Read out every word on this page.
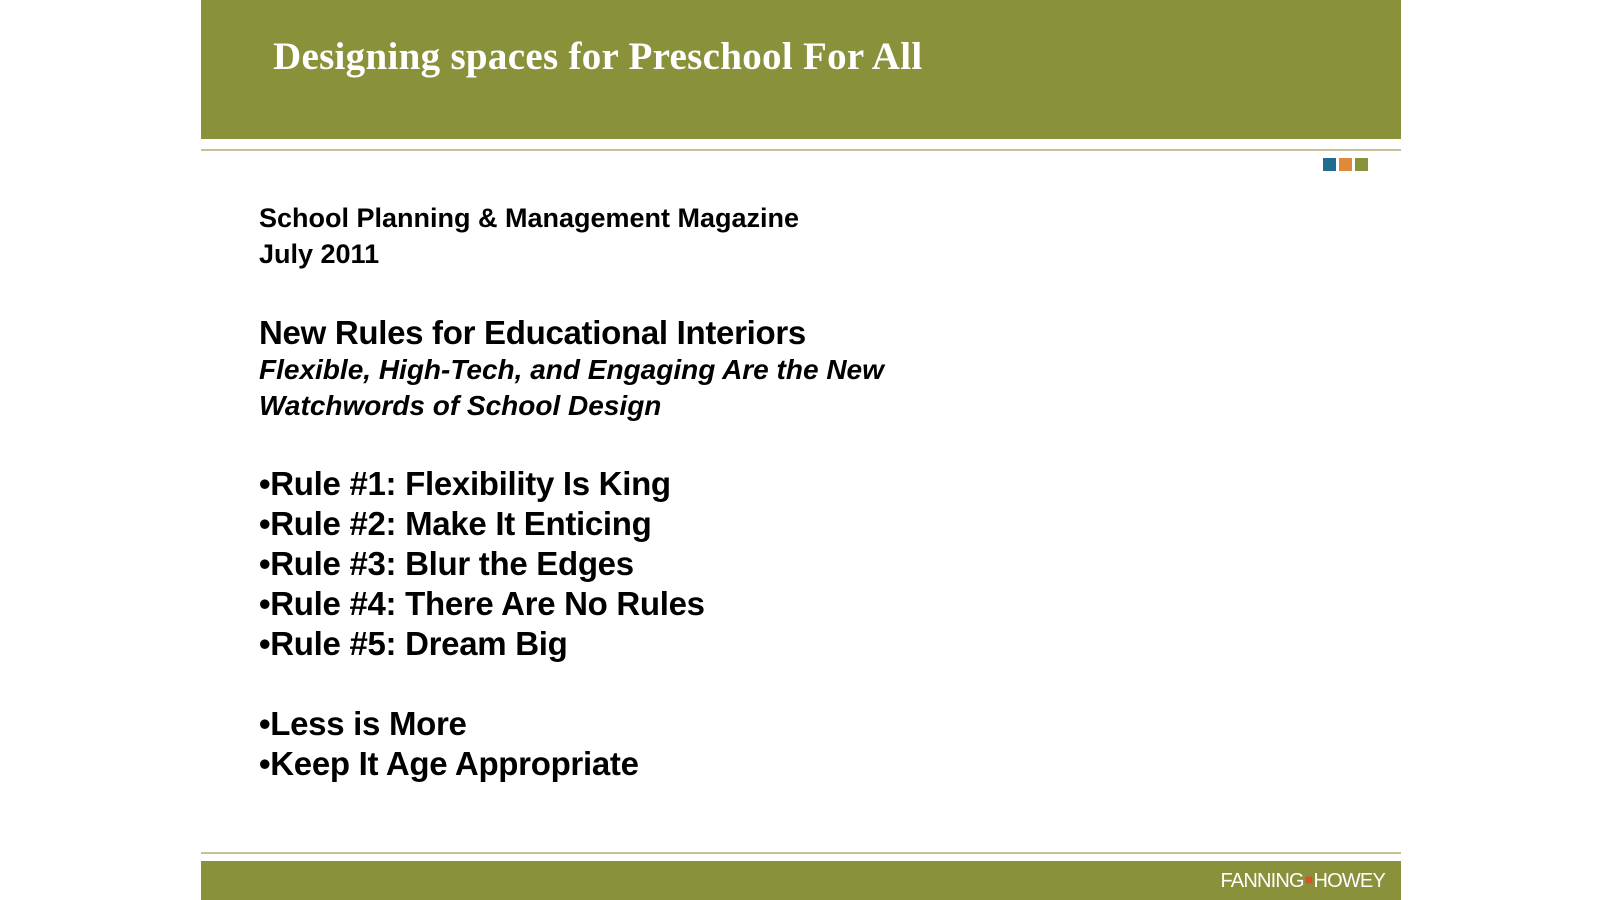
Designing spaces for Preschool For All
School Planning & Management Magazine
July 2011
New Rules for Educational Interiors
Flexible, High-Tech, and Engaging Are the New Watchwords of School Design
•Rule #1: Flexibility Is King
•Rule #2: Make It Enticing
•Rule #3: Blur the Edges
•Rule #4: There Are No Rules
•Rule #5: Dream Big
•Less is More
•Keep It Age Appropriate
FANNING■HOWEY
